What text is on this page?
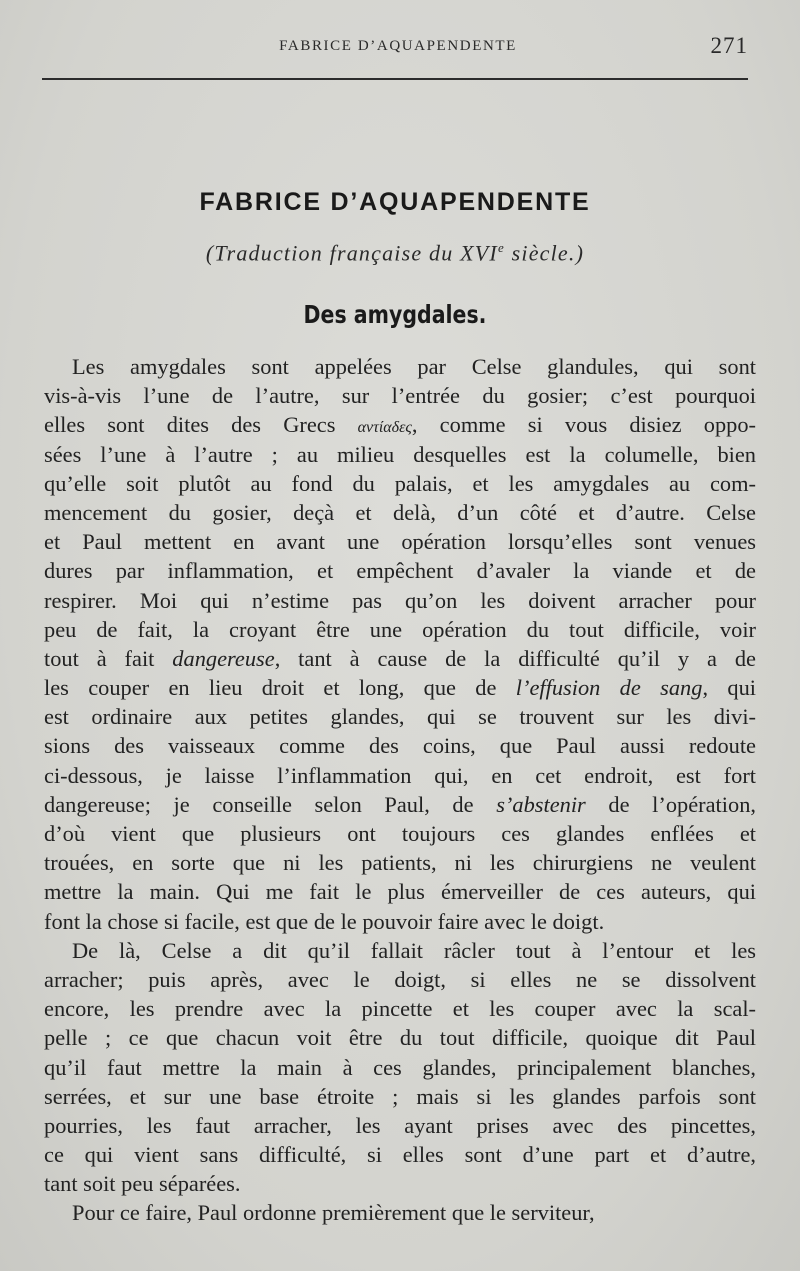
FABRICE D’AQUAPENDENTE	271
FABRICE D’AQUAPENDENTE
(Traduction française du XVIe siècle.)
Des amygdales.
Les amygdales sont appelées par Celse glandules, qui sont
vis-à-vis l’une de l’autre, sur l’entrée du gosier; c’est pourquoi
elles sont dites des Grecs αντίαδες, comme si vous disiez oppo-
sées l’une à l’autre ; au milieu desquelles est la columelle, bien
qu’elle soit plutôt au fond du palais, et les amygdales au com-
mencement du gosier, deçà et delà, d’un côté et d’autre. Celse
et Paul mettent en avant une opération lorsqu’elles sont venues
dures par inflammation, et empêchent d’avaler la viande et de
respirer. Moi qui n’estime pas qu’on les doivent arracher pour
peu de fait, la croyant être une opération du tout difficile, voir
tout à fait dangereuse, tant à cause de la difficulté qu’il y a de
les couper en lieu droit et long, que de l’effusion de sang, qui
est ordinaire aux petites glandes, qui se trouvent sur les divi-
sions des vaisseaux comme des coins, que Paul aussi redoute
ci-dessous, je laisse l’inflammation qui, en cet endroit, est fort
dangereuse; je conseille selon Paul, de s’abstenir de l’opération,
d’où vient que plusieurs ont toujours ces glandes enflées et
trouées, en sorte que ni les patients, ni les chirurgiens ne veulent
mettre la main. Qui me fait le plus émerveiller de ces auteurs, qui
font la chose si facile, est que de le pouvoir faire avec le doigt.
De là, Celse a dit qu’il fallait râcler tout à l’entour et les
arracher; puis après, avec le doigt, si elles ne se dissolvent
encore, les prendre avec la pincette et les couper avec la scal-
pelle ; ce que chacun voit être du tout difficile, quoique dit Paul
qu’il faut mettre la main à ces glandes, principalement blanches,
serrées, et sur une base étroite ; mais si les glandes parfois sont
pourries, les faut arracher, les ayant prises avec des pincettes,
ce qui vient sans difficulté, si elles sont d’une part et d’autre,
tant soit peu séparées.
Pour ce faire, Paul ordonne premièrement que le serviteur,
